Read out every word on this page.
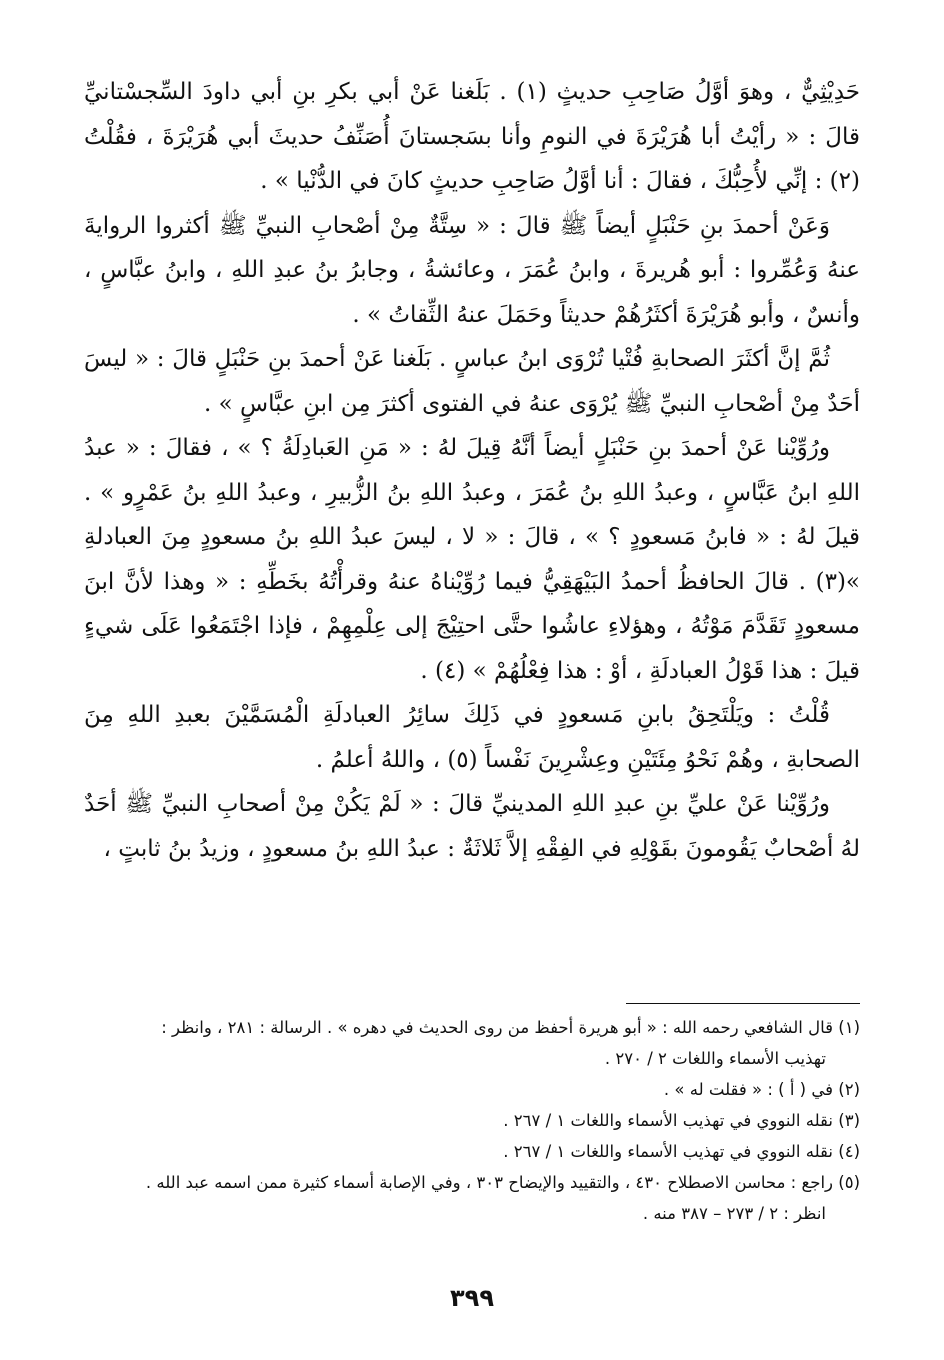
حَدِيْثِيٌّ ، وهوَ أوَّلُ صَاحِبِ حديثٍ (١) . بَلَغنا عَنْ أبي بكرِ بنِ أبي داودَ السِّجسْتانيِّ قالَ : « رأيْتُ أبا هُرَيْرَةَ في النومِ وأنا بسَجستانَ أُصَنِّفُ حديثَ أبي هُرَيْرَةَ ، فقُلْتُ (٢) : إنِّي لأُحِبُّكَ ، فقالَ : أنا أوَّلُ صَاحِبِ حديثٍ كانَ في الدُّنْيا » .

وَعَنْ أحمدَ بنِ حَنْبَلٍ أيضاً ﷺ قالَ : « سِتَّةٌ مِنْ أصْحابِ النبيِّ ﷺ أكثروا الروايةَ عنهُ وَعُمِّروا : أبو هُريرةَ ، وابنُ عُمَرَ ، وعائشةُ ، وجابرُ بنُ عبدِ اللهِ ، وابنُ عبَّاسٍ ، وأنسٌ ، وأبو هُرَيْرَةَ أكثَرُهُمْ حديثاً وحَمَلَ عنهُ الثِّقاتُ » .

ثُمَّ إنَّ أكثَرَ الصحابةِ فُتْيا تُرْوَى ابنُ عباسٍ . بَلَغنا عَنْ أحمدَ بنِ حَنْبَلٍ قالَ : « ليسَ أحَدٌ مِنْ أصْحابِ النبيِّ ﷺ يُرْوَى عنهُ في الفتوى أكثرَ مِن ابنِ عبَّاسٍ » .

ورُوِّيْنا عَنْ أحمدَ بنِ حَنْبَلٍ أيضاً أنَّهُ قِيلَ لهُ : « مَنِ العَبادِلَةُ ؟ » ، فقالَ : « عبدُ اللهِ ابنُ عَبَّاسٍ ، وعبدُ اللهِ بنُ عُمَرَ ، وعبدُ اللهِ بنُ الزُّبيرِ ، وعبدُ اللهِ بنُ عَمْرٍو » . قيلَ لهُ : « فابنُ مَسعودٍ ؟ » ، قالَ : « لا ، ليسَ عبدُ اللهِ بنُ مسعودٍ مِنَ العبادلةِ »(٣) . قالَ الحافظُ أحمدُ البَيْهَقِيُّ فيما رُوِّيْناهُ عنهُ وقرأْتُهُ بخَطِّهِ : « وهذا لأنَّ ابنَ مسعودٍ تَقَدَّمَ مَوْتُهُ ، وهؤلاءِ عاشُوا حتَّى احتِيْجَ إلى عِلْمِهِمْ ، فإذا اجْتَمَعُوا عَلَى شيءٍ قيلَ : هذا قَوْلُ العبادلَةِ ، أوْ : هذا فِعْلُهُمْ » (٤) .

قُلْتُ : ويَلْتَحِقُ بابنِ مَسعودٍ في ذَلِكَ سائِرُ العبادلَةِ الْمُسَمَّيْنَ بعبدِ اللهِ مِنَ الصحابةِ ، وهُمْ نَحْوُ مِئَتَيْنِ وعِشْرِينَ نَفْساً (٥) ، واللهُ أعلمُ .

ورُوِّيْنا عَنْ عليِّ بنِ عبدِ اللهِ المدينيِّ قالَ : « لَمْ يَكُنْ مِنْ أصحابِ النبيِّ ﷺ أحَدٌ لهُ أصْحابٌ يَقُومونَ بقَوْلِهِ في الفِقْهِ إلاَّ ثَلاثَةٌ : عبدُ اللهِ بنُ مسعودٍ ، وزيدُ بنُ ثابتٍ ،

(١) قال الشافعي رحمه الله : « أبو هريرة أحفظ من روى الحديث في دهره » . الرسالة : ٢٨١ ، وانظر :
تهذيب الأسماء واللغات ٢ / ٢٧٠ .

(٢) في ( أ ) : « فقلت له » .

(٣) نقله النووي في تهذيب الأسماء واللغات ١ / ٢٦٧ .

(٤) نقله النووي في تهذيب الأسماء واللغات ١ / ٢٦٧ .

(٥) راجع : محاسن الاصطلاح ٤٣٠ ، والتقييد والإيضاح ٣٠٣ ، وفي الإصابة أسماء كثيرة ممن اسمه عبد الله .
انظر : ٢ / ٢٧٣ – ٣٨٧ منه .

٣٩٩
